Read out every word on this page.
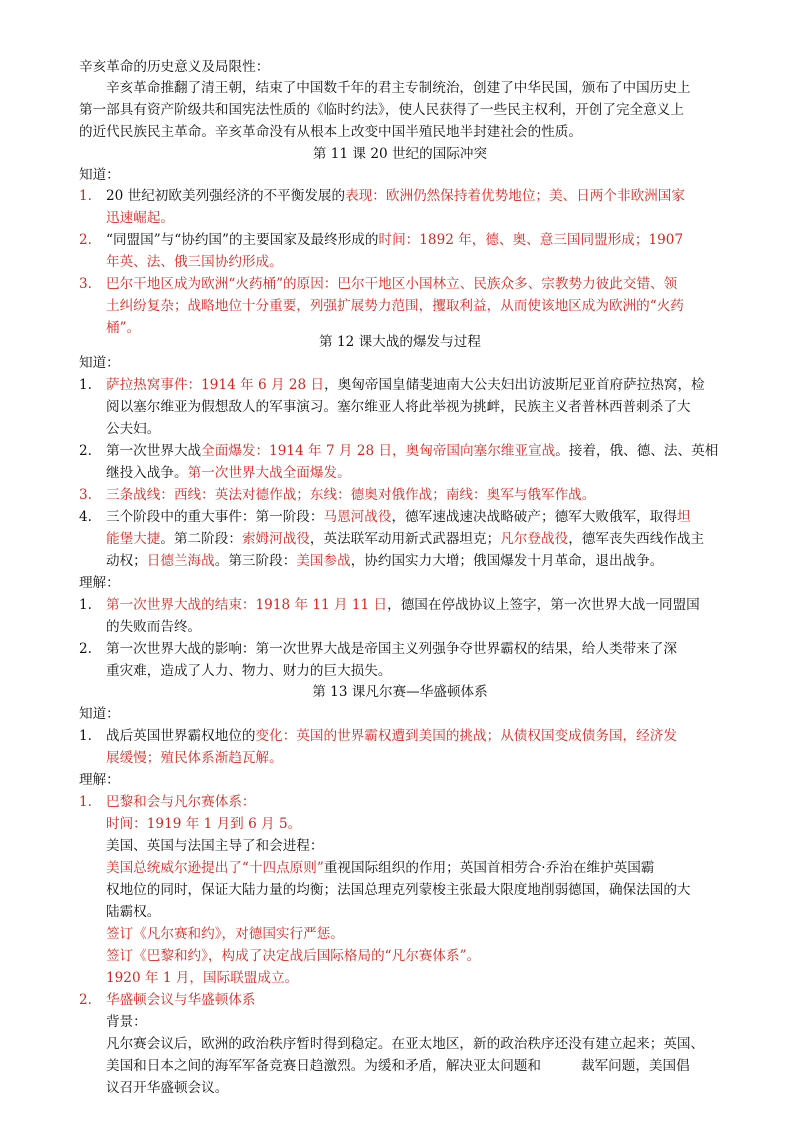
辛亥革命的历史意义及局限性：
辛亥革命推翻了清王朝，结束了中国数千年的君主专制统治，创建了中华民国，颁布了中国历史上
第一部具有资产阶级共和国宪法性质的《临时约法》，使人民获得了一些民主权利，开创了完全意义上
的近代民族民主革命。辛亥革命没有从根本上改变中国半殖民地半封建社会的性质。
第 11 课 20 世纪的国际冲突
知道：
1. 20 世纪初欧美列强经济的不平衡发展的表现：欧洲仍然保持着优势地位；美、日两个非欧洲国家
迅速崛起。
2. “同盟国”与“协约国”的主要国家及最终形成的时间：1892 年，德、奥、意三国同盟形成；1907
年英、法、俄三国协约形成。
3. 巴尔干地区成为欧洲“火药桶”的原因：巴尔干地区小国林立、民族众多、宗教势力彼此交错、领
土纠纷复杂；战略地位十分重要，列强扩展势力范围，攫取利益，从而使该地区成为欧洲的“火药
桶”。
第 12 课大战的爆发与过程
知道：
1. 萨拉热窝事件：1914 年 6 月 28 日，奥匈帝国皇储斐迪南大公夫妇出访波斯尼亚首府萨拉热窝，检
阅以塞尔维亚为假想敌人的军事演习。塞尔维亚人将此举视为挑衅，民族主义者普林西普刺杀了大
公夫妇。
2. 第一次世界大战全面爆发：1914 年 7 月 28 日，奥匈帝国向塞尔维亚宣战。接着，俄、德、法、英相
继投入战争。第一次世界大战全面爆发。
3. 三条战线：西线：英法对德作战；东线：德奥对俄作战；南线：奥军与俄军作战。
4. 三个阶段中的重大事件：第一阶段：马恩河战役，德军速战速决战略破产；德军大败俄军，取得坦
能堡大捷。第二阶段：索姆河战役，英法联军动用新式武器坦克；凡尔登战役，德军丧失西线作战主
动权；日德兰海战。第三阶段：美国参战，协约国实力大增；俄国爆发十月革命，退出战争。
理解：
1. 第一次世界大战的结束：1918 年 11 月 11 日，德国在停战协议上签字，第一次世界大战一同盟国
的失败而告终。
2. 第一次世界大战的影响：第一次世界大战是帝国主义列强争夺世界霸权的结果，给人类带来了深
重灾难，造成了人力、物力、财力的巨大损失。
第 13 课凡尔赛—华盛顿体系
知道：
1. 战后英国世界霸权地位的变化：英国的世界霸权遭到美国的挑战；从债权国变成债务国，经济发
展缓慢；殖民体系渐趋瓦解。
理解：
1. 巴黎和会与凡尔赛体系：
时间：1919 年 1 月到 6 月 5。
美国、英国与法国主导了和会进程：
美国总统威尔逊提出了“十四点原则”重视国际组织的作用；英国首相劳合·乔治在维护英国霸
权地位的同时，保证大陆力量的均衡；法国总理克列蒙梭主张最大限度地削弱德国，确保法国的大
陆霸权。
签订《凡尔赛和约》，对德国实行严惩。
签订《巴黎和约》，构成了决定战后国际格局的“凡尔赛体系”。
1920 年 1 月，国际联盟成立。
2. 华盛顿会议与华盛顿体系
背景：
凡尔赛会议后，欧洲的政治秩序暂时得到稳定。在亚太地区，新的政治秩序还没有建立起来；英国、
美国和日本之间的海军军备竞赛日趋激烈。为缓和矛盾，解决亚太问题和	裁军问题，美国倡
议召开华盛顿会议。
